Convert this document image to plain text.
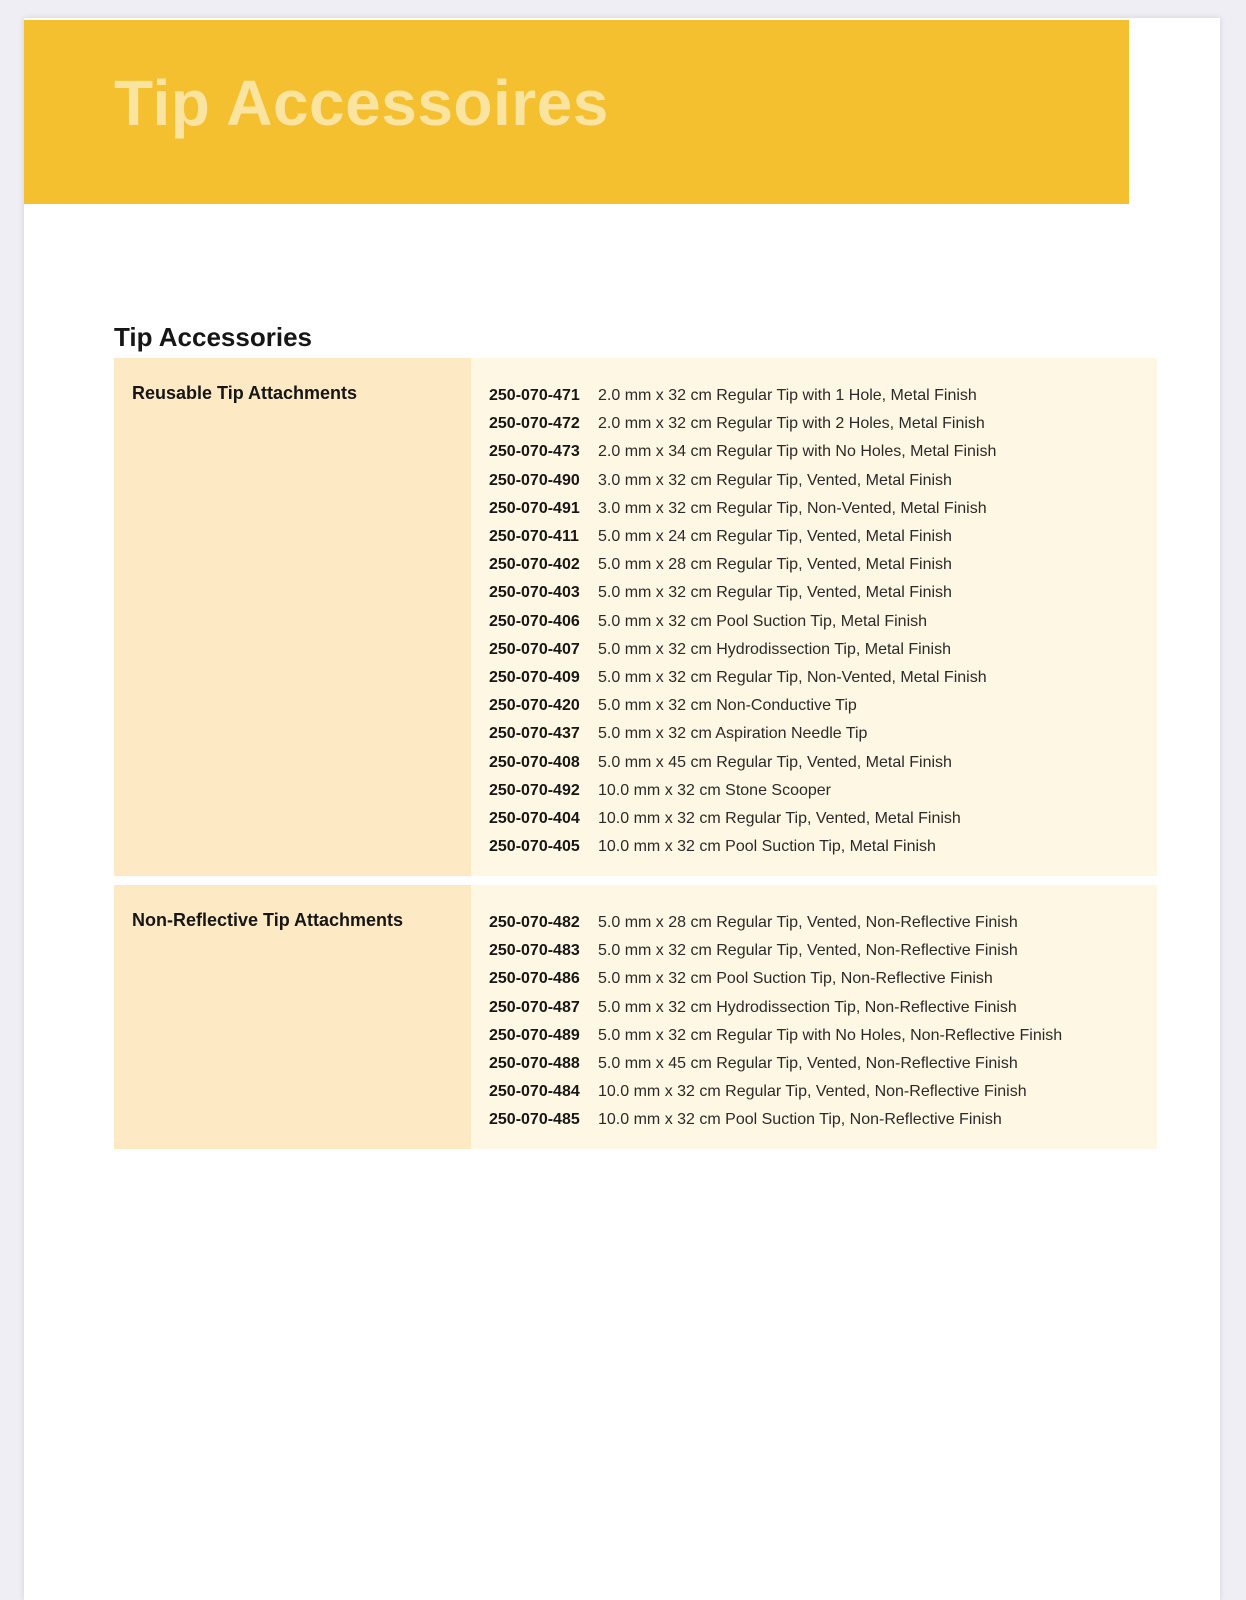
Tip Accessoires
Tip Accessories
Reusable Tip Attachments	250-070-471	2.0 mm x 32 cm Regular Tip with 1 Hole, Metal Finish
250-070-472	2.0 mm x 32 cm Regular Tip with 2 Holes, Metal Finish
250-070-473	2.0 mm x 34 cm Regular Tip with No Holes, Metal Finish
250-070-490	3.0 mm x 32 cm Regular Tip, Vented, Metal Finish
250-070-491	3.0 mm x 32 cm Regular Tip, Non-Vented, Metal Finish
250-070-411	5.0 mm x 24 cm Regular Tip, Vented, Metal Finish
250-070-402	5.0 mm x 28 cm Regular Tip, Vented, Metal Finish
250-070-403	5.0 mm x 32 cm Regular Tip, Vented, Metal Finish
250-070-406	5.0 mm x 32 cm Pool Suction Tip, Metal Finish
250-070-407	5.0 mm x 32 cm Hydrodissection Tip, Metal Finish
250-070-409	5.0 mm x 32 cm Regular Tip, Non-Vented, Metal Finish
250-070-420	5.0 mm x 32 cm Non-Conductive Tip
250-070-437	5.0 mm x 32 cm Aspiration Needle Tip
250-070-408	5.0 mm x 45 cm Regular Tip, Vented, Metal Finish
250-070-492	10.0 mm x 32 cm Stone Scooper
250-070-404	10.0 mm x 32 cm Regular Tip, Vented, Metal Finish
250-070-405	10.0 mm x 32 cm Pool Suction Tip, Metal Finish
Non-Reflective Tip Attachments	250-070-482	5.0 mm x 28 cm Regular Tip, Vented, Non-Reflective Finish
250-070-483	5.0 mm x 32 cm Regular Tip, Vented, Non-Reflective Finish
250-070-486	5.0 mm x 32 cm Pool Suction Tip, Non-Reflective Finish
250-070-487	5.0 mm x 32 cm Hydrodissection Tip, Non-Reflective Finish
250-070-489	5.0 mm x 32 cm Regular Tip with No Holes, Non-Reflective Finish
250-070-488	5.0 mm x 45 cm Regular Tip, Vented, Non-Reflective Finish
250-070-484	10.0 mm x 32 cm Regular Tip, Vented, Non-Reflective Finish
250-070-485	10.0 mm x 32 cm Pool Suction Tip, Non-Reflective Finish
